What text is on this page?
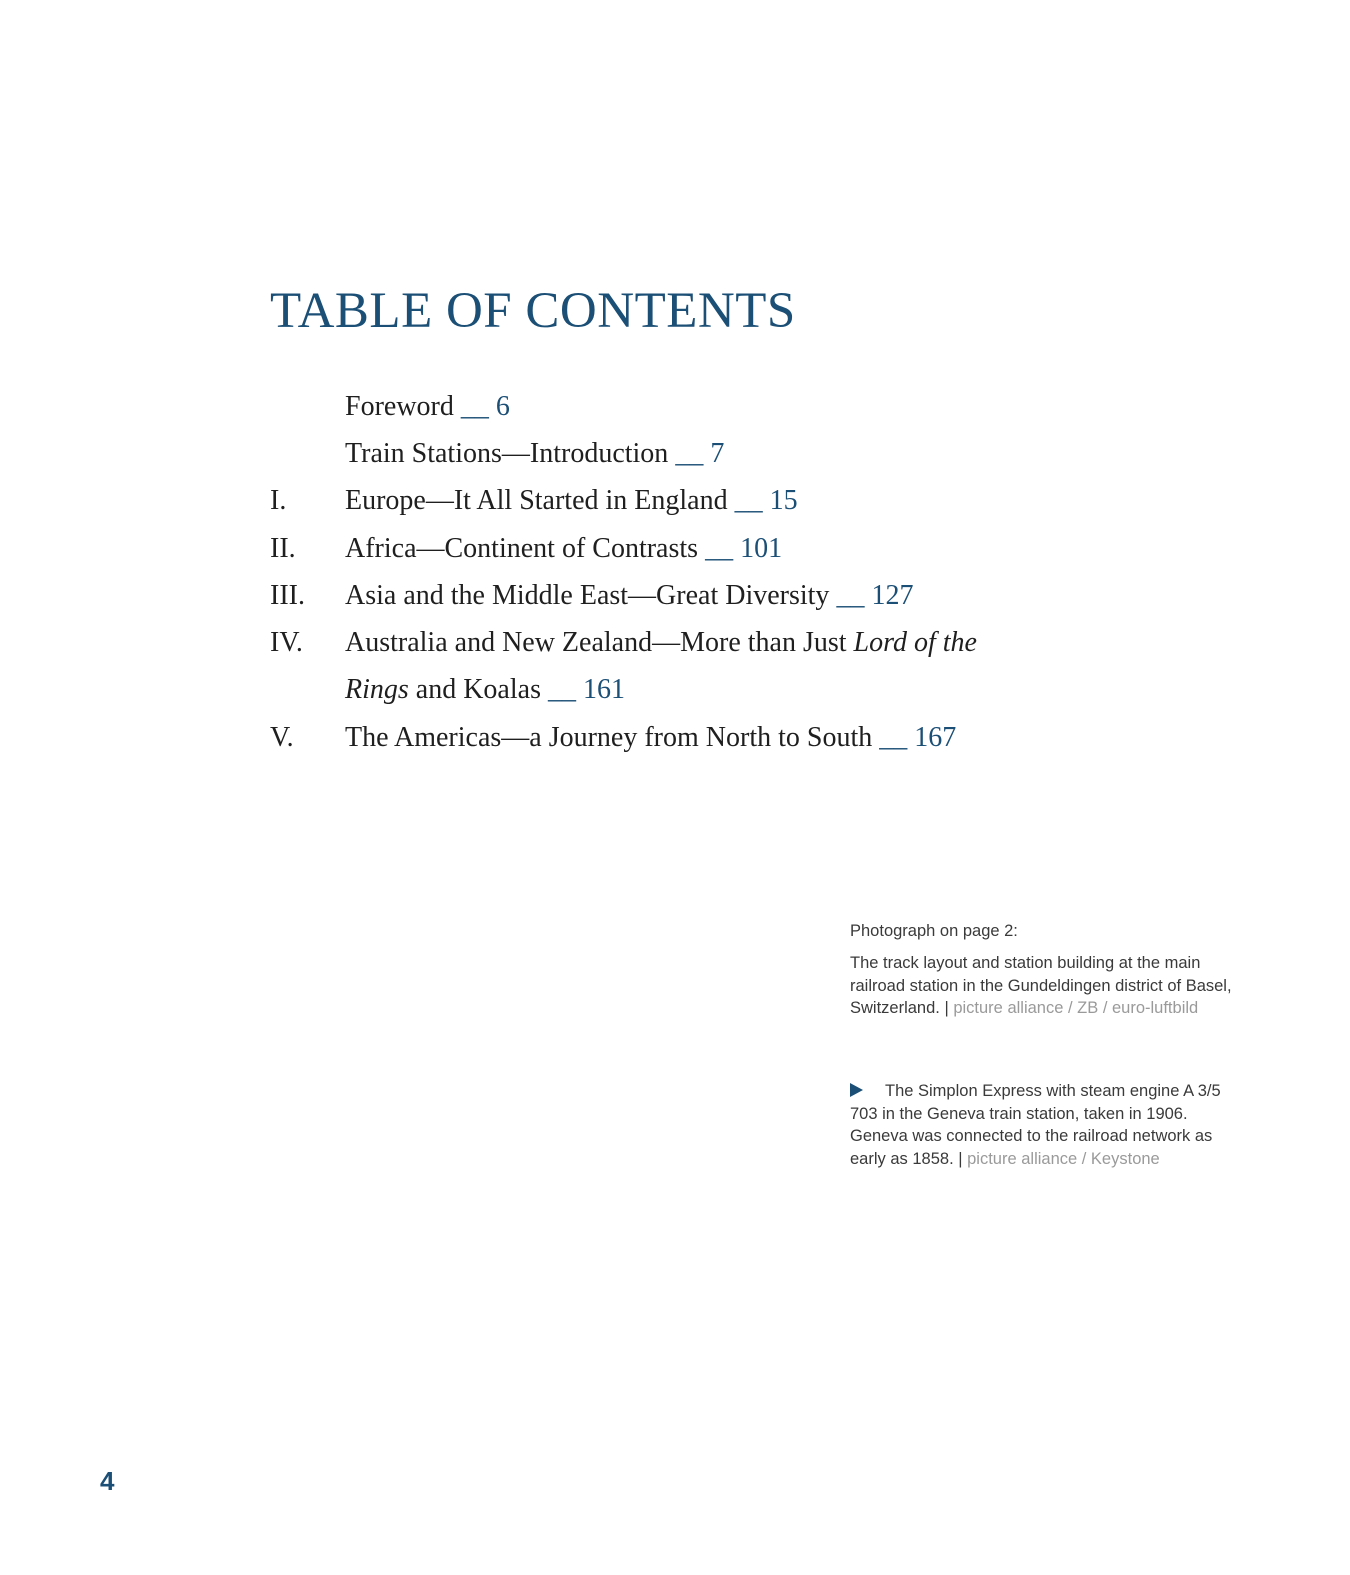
TABLE OF CONTENTS
Foreword __ 6
Train Stations—Introduction __ 7
I.	Europe—It All Started in England __ 15
II.	Africa—Continent of Contrasts __ 101
III.	Asia and the Middle East—Great Diversity __ 127
IV.	Australia and New Zealand—More than Just Lord of the
Rings and Koalas __ 161
V.	The Americas—a Journey from North to South __ 167
Photograph on page 2:
The track layout and station building at the main railroad station in the Gundeldingen district of Basel, Switzerland. | picture alliance / ZB / euro-luftbild
The Simplon Express with steam engine A 3/5 703 in the Geneva train station, taken in 1906. Geneva was connected to the railroad network as early as 1858. | picture alliance / Keystone
4
